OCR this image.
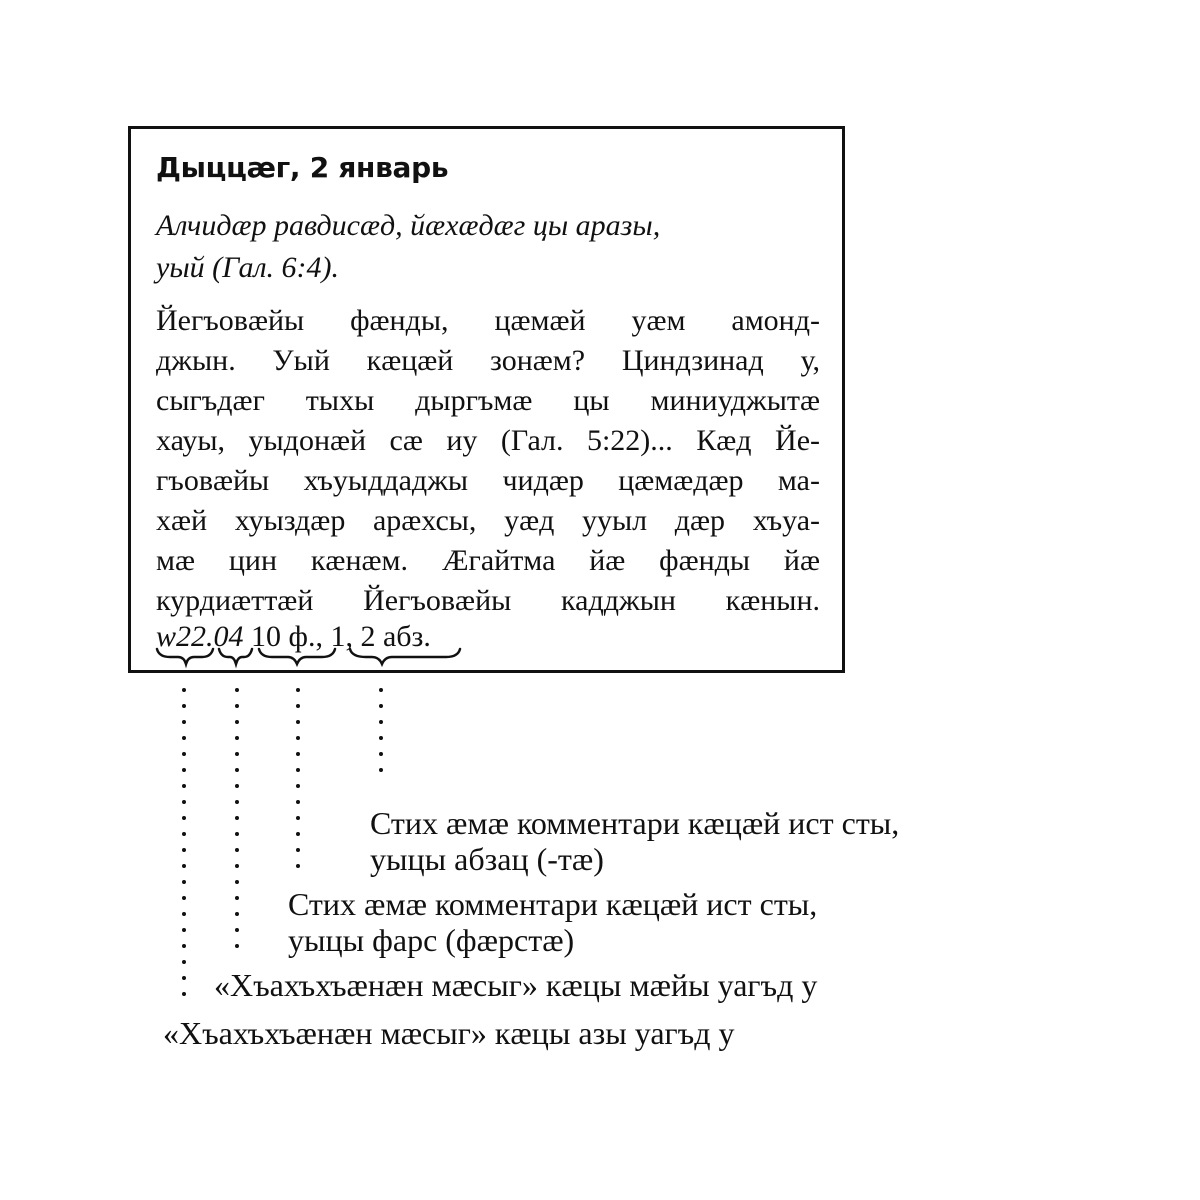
Дыццæг, 2 январь
Алчидæр равдисæд, йæхæдæг цы аразы,
уый (Гал. 6:4).
Йегъовæйы фæнды, цæмæй уæм амонд-
джын. Уый кæцæй зонæм? Циндзинад у,
сыгъдæг тыхы дыргъмæ цы миниуджытæ
хауы, уыдонæй сæ иу (Гал. 5:22)... Кæд Йе-
гъовæйы хъуыддаджы чидæр цæмæдæр ма-
хæй хуыздæр арæхсы, уæд ууыл дæр хъуа-
мæ цин кæнæм. Æгайтма йæ фæнды йæ
курдиæттæй Йегъовæйы кадджын кæнын.
w22.04 10 ф., 1, 2 абз.
Стих æмæ комментари кæцæй ист сты,
уыцы абзац (-тæ)
Стих æмæ комментари кæцæй ист сты,
уыцы фарс (фæрстæ)
«Хъахъхъæнæн мæсыг» кæцы мæйы уагъд у
«Хъахъхъæнæн мæсыг» кæцы азы уагъд у
